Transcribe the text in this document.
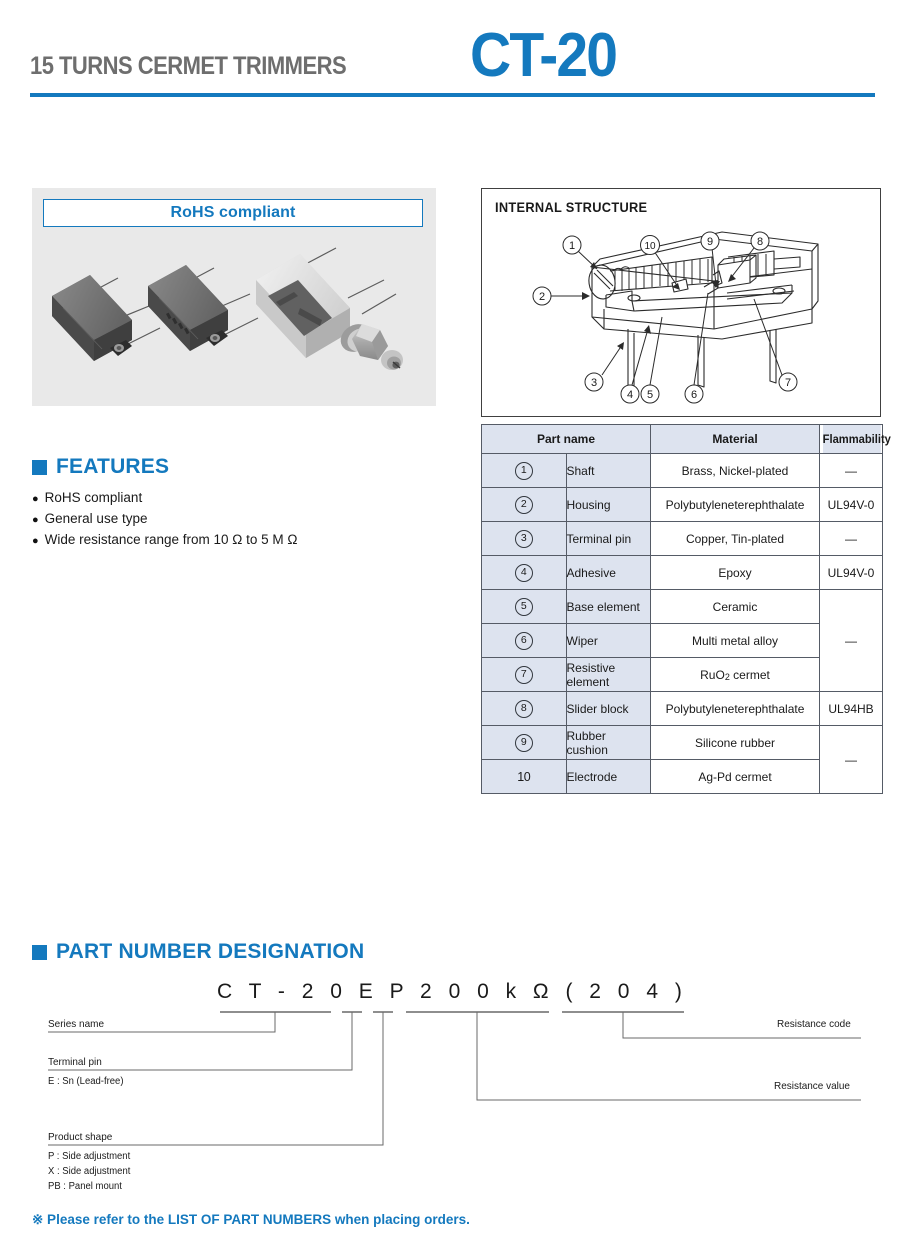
15 TURNS CERMET TRIMMERS CT-20
RoHS compliant
FEATURES
● RoHS compliant
● General use type
● Wide resistance range from 10 Ω to 5 M Ω
INTERNAL STRUCTURE
1
2
3
4 5	6
7
8
9
10
Part name		Material	Flammability
1	Shaft	Brass, Nickel-plated	—
2	Housing	Polybutyleneterephthalate	UL94V-0
3	Terminal pin	Copper, Tin-plated	—
4	Adhesive	Epoxy	UL94V-0
5	Base element	Ceramic	—
6	Wiper	Multi metal alloy	
7	Resistive element	RuO2 cermet	
8	Slider block	Polybutyleneterephthalate	UL94HB
9	Rubber cushion	Silicone rubber	—
10	Electrode	Ag-Pd cermet	
PART NUMBER DESIGNATION
C T - 2 0 E P 2 0 0 k Ω ( 2 0 4 )
Series name
Terminal pin
E : Sn (Lead-free)
Product shape
P : Side adjustment
X : Side adjustment
PB : Panel mount
Resistance code
Resistance value
※ Please refer to the LIST OF PART NUMBERS when placing orders.
